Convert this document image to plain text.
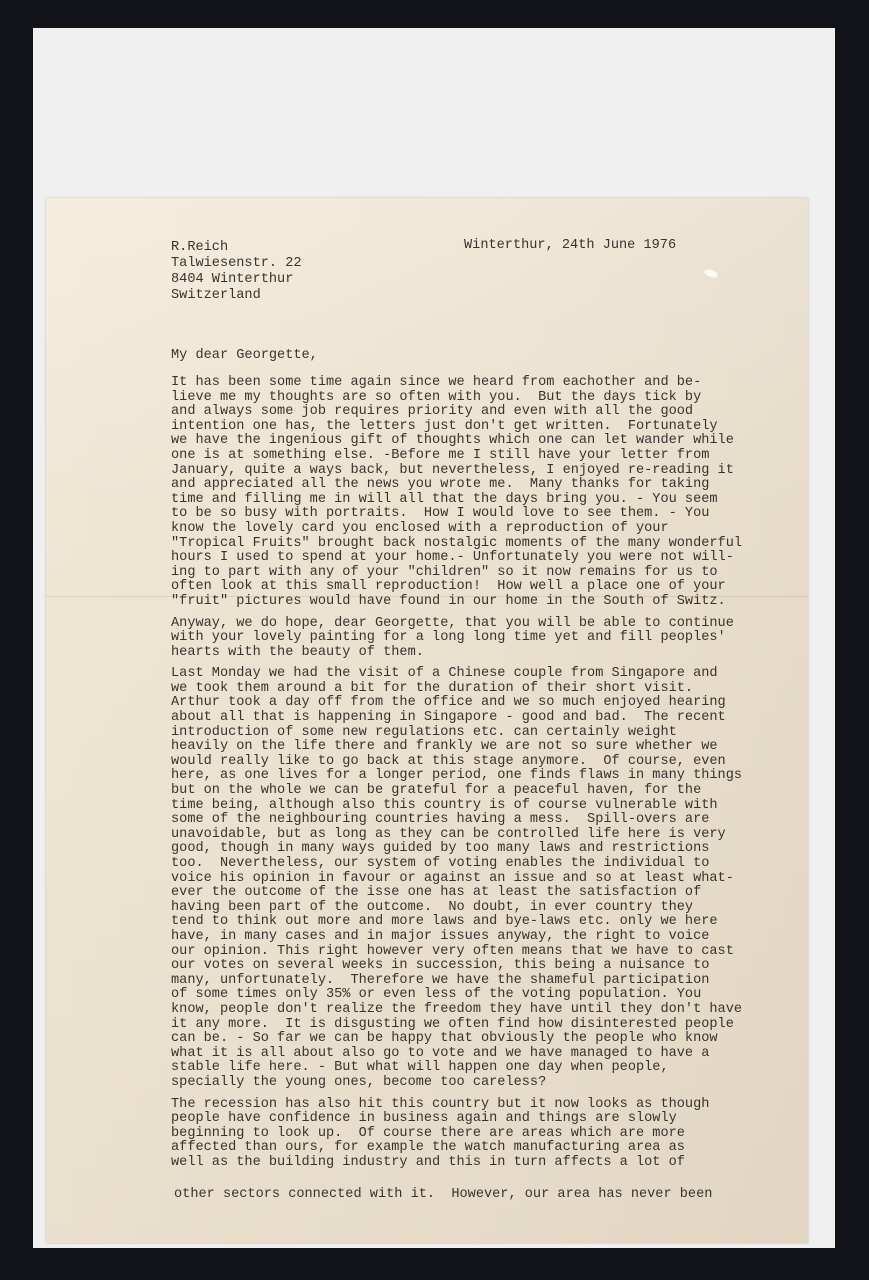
R.Reich
Talwiesenstr. 22
8404 Winterthur
Switzerland
Winterthur, 24th June 1976
My dear Georgette,
It has been some time again since we heard from eachother and be-
lieve me my thoughts are so often with you.  But the days tick by
and always some job requires priority and even with all the good
intention one has, the letters just don't get written.  Fortunately
we have the ingenious gift of thoughts which one can let wander while
one is at something else. -Before me I still have your letter from
January, quite a ways back, but nevertheless, I enjoyed re-reading it
and appreciated all the news you wrote me.  Many thanks for taking
time and filling me in will all that the days bring you. - You seem
to be so busy with portraits.  How I would love to see them. - You
know the lovely card you enclosed with a reproduction of your
"Tropical Fruits" brought back nostalgic moments of the many wonderful
hours I used to spend at your home.- Unfortunately you were not will-
ing to part with any of your "children" so it now remains for us to
often look at this small reproduction!  How well a place one of your
"fruit" pictures would have found in our home in the South of Switz.
Anyway, we do hope, dear Georgette, that you will be able to continue
with your lovely painting for a long long time yet and fill peoples'
hearts with the beauty of them.
Last Monday we had the visit of a Chinese couple from Singapore and
we took them around a bit for the duration of their short visit.
Arthur took a day off from the office and we so much enjoyed hearing
about all that is happening in Singapore - good and bad.  The recent
introduction of some new regulations etc. can certainly weight
heavily on the life there and frankly we are not so sure whether we
would really like to go back at this stage anymore.  Of course, even
here, as one lives for a longer period, one finds flaws in many things
but on the whole we can be grateful for a peaceful haven, for the
time being, although also this country is of course vulnerable with
some of the neighbouring countries having a mess.  Spill-overs are
unavoidable, but as long as they can be controlled life here is very
good, though in many ways guided by too many laws and restrictions
too.  Nevertheless, our system of voting enables the individual to
voice his opinion in favour or against an issue and so at least what-
ever the outcome of the isse one has at least the satisfaction of
having been part of the outcome.  No doubt, in ever country they
tend to think out more and more laws and bye-laws etc. only we here
have, in many cases and in major issues anyway, the right to voice
our opinion. This right however very often means that we have to cast
our votes on several weeks in succession, this being a nuisance to
many, unfortunately.  Therefore we have the shameful participation
of some times only 35% or even less of the voting population. You
know, people don't realize the freedom they have until they don't have
it any more.  It is disgusting we often find how disinterested people
can be. - So far we can be happy that obviously the people who know
what it is all about also go to vote and we have managed to have a
stable life here. - But what will happen one day when people,
specially the young ones, become too careless?
The recession has also hit this country but it now looks as though
people have confidence in business again and things are slowly
beginning to look up.  Of course there are areas which are more
affected than ours, for example the watch manufacturing area as
well as the building industry and this in turn affects a lot of
other sectors connected with it.  However, our area has never been
